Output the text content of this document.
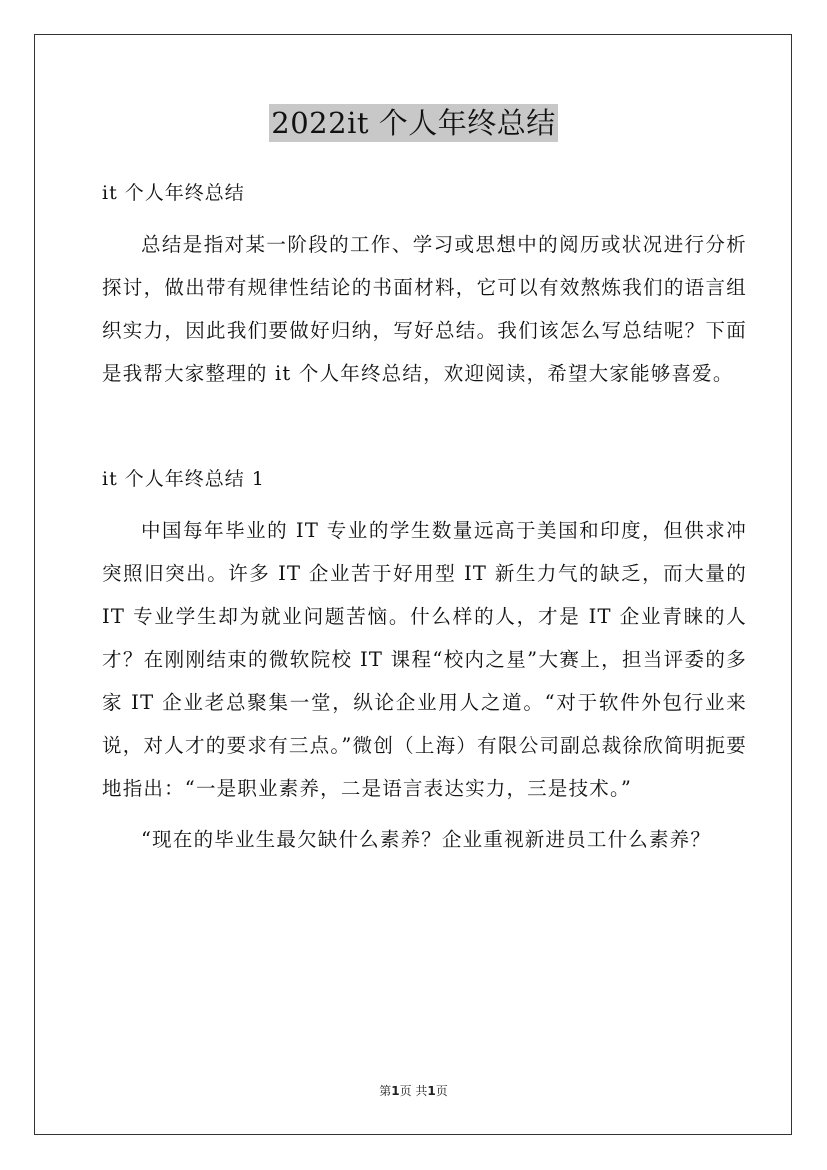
2022it 个人年终总结

it 个人年终总结

总结是指对某一阶段的工作、学习或思想中的阅历或状况进行分析探讨，做出带有规律性结论的书面材料，它可以有效熬炼我们的语言组织实力，因此我们要做好归纳，写好总结。我们该怎么写总结呢？下面是我帮大家整理的 it 个人年终总结，欢迎阅读，希望大家能够喜爱。

it 个人年终总结 1

中国每年毕业的 IT 专业的学生数量远高于美国和印度，但供求冲突照旧突出。许多 IT 企业苦于好用型 IT 新生力气的缺乏，而大量的 IT 专业学生却为就业问题苦恼。什么样的人，才是 IT 企业青睐的人才？在刚刚结束的微软院校 IT 课程“校内之星”大赛上，担当评委的多家 IT 企业老总聚集一堂，纵论企业用人之道。“对于软件外包行业来说，对人才的要求有三点。”微创（上海）有限公司副总裁徐欣简明扼要地指出：“一是职业素养，二是语言表达实力，三是技术。”

“现在的毕业生最欠缺什么素养？企业重视新进员工什么素养？

第1页 共1页
